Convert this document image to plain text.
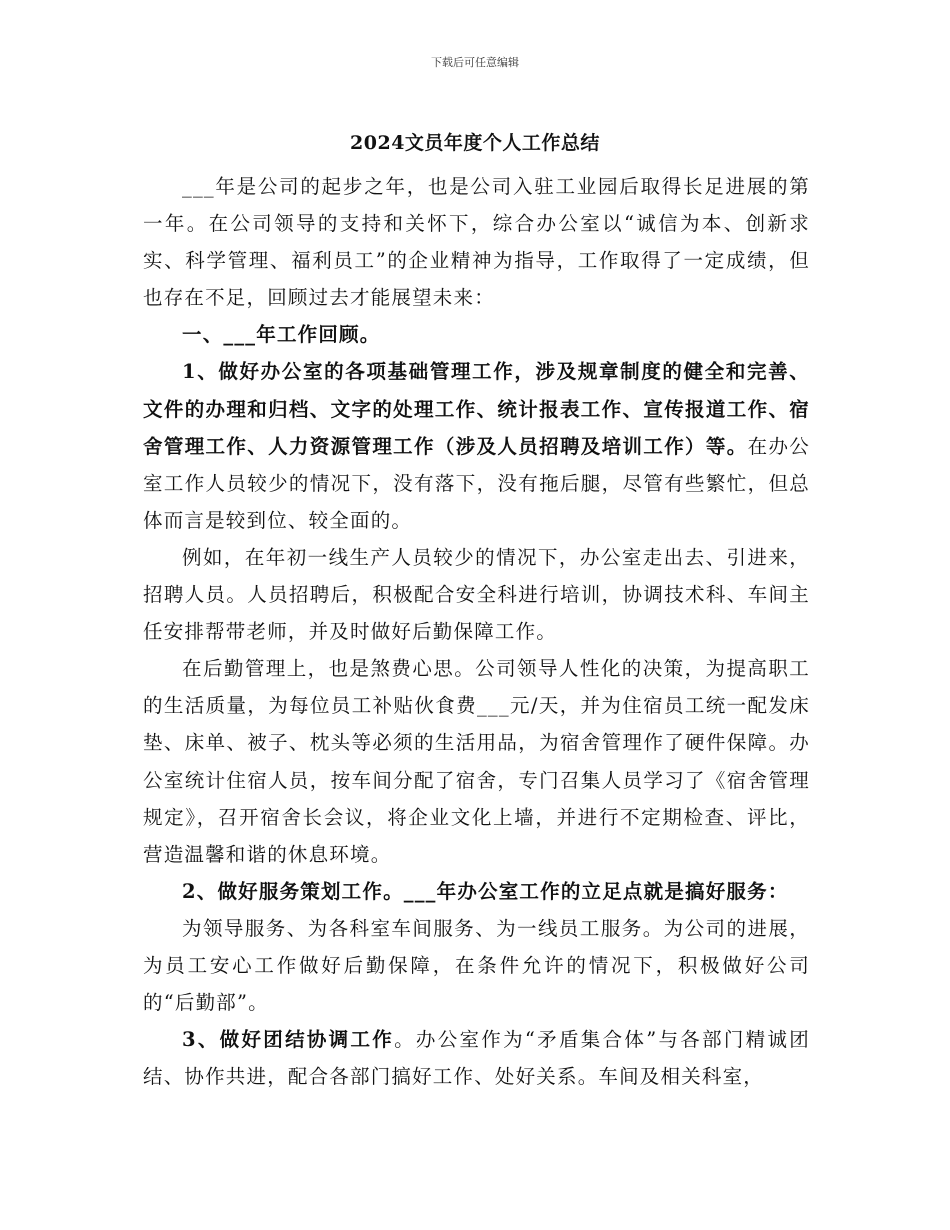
下载后可任意编辑
2024文员年度个人工作总结

___年是公司的起步之年，也是公司入驻工业园后取得长足进展的第一年。在公司领导的支持和关怀下，综合办公室以“诚信为本、创新求实、科学管理、福利员工”的企业精神为指导，工作取得了一定成绩，但也存在不足，回顾过去才能展望未来：

一、___年工作回顾。

1、做好办公室的各项基础管理工作，涉及规章制度的健全和完善、文件的办理和归档、文字的处理工作、统计报表工作、宣传报道工作、宿舍管理工作、人力资源管理工作（涉及人员招聘及培训工作）等。在办公室工作人员较少的情况下，没有落下，没有拖后腿，尽管有些繁忙，但总体而言是较到位、较全面的。

例如，在年初一线生产人员较少的情况下，办公室走出去、引进来，招聘人员。人员招聘后，积极配合安全科进行培训，协调技术科、车间主任安排帮带老师，并及时做好后勤保障工作。

在后勤管理上，也是煞费心思。公司领导人性化的决策，为提高职工的生活质量，为每位员工补贴伙食费___元/天，并为住宿员工统一配发床垫、床单、被子、枕头等必须的生活用品，为宿舍管理作了硬件保障。办公室统计住宿人员，按车间分配了宿舍，专门召集人员学习了《宿舍管理规定》，召开宿舍长会议，将企业文化上墙，并进行不定期检查、评比，营造温馨和谐的休息环境。

2、做好服务策划工作。___年办公室工作的立足点就是搞好服务：

为领导服务、为各科室车间服务、为一线员工服务。为公司的进展，为员工安心工作做好后勤保障，在条件允许的情况下，积极做好公司的“后勤部”。

3、做好团结协调工作。办公室作为“矛盾集合体”与各部门精诚团结、协作共进，配合各部门搞好工作、处好关系。车间及相关科室，
